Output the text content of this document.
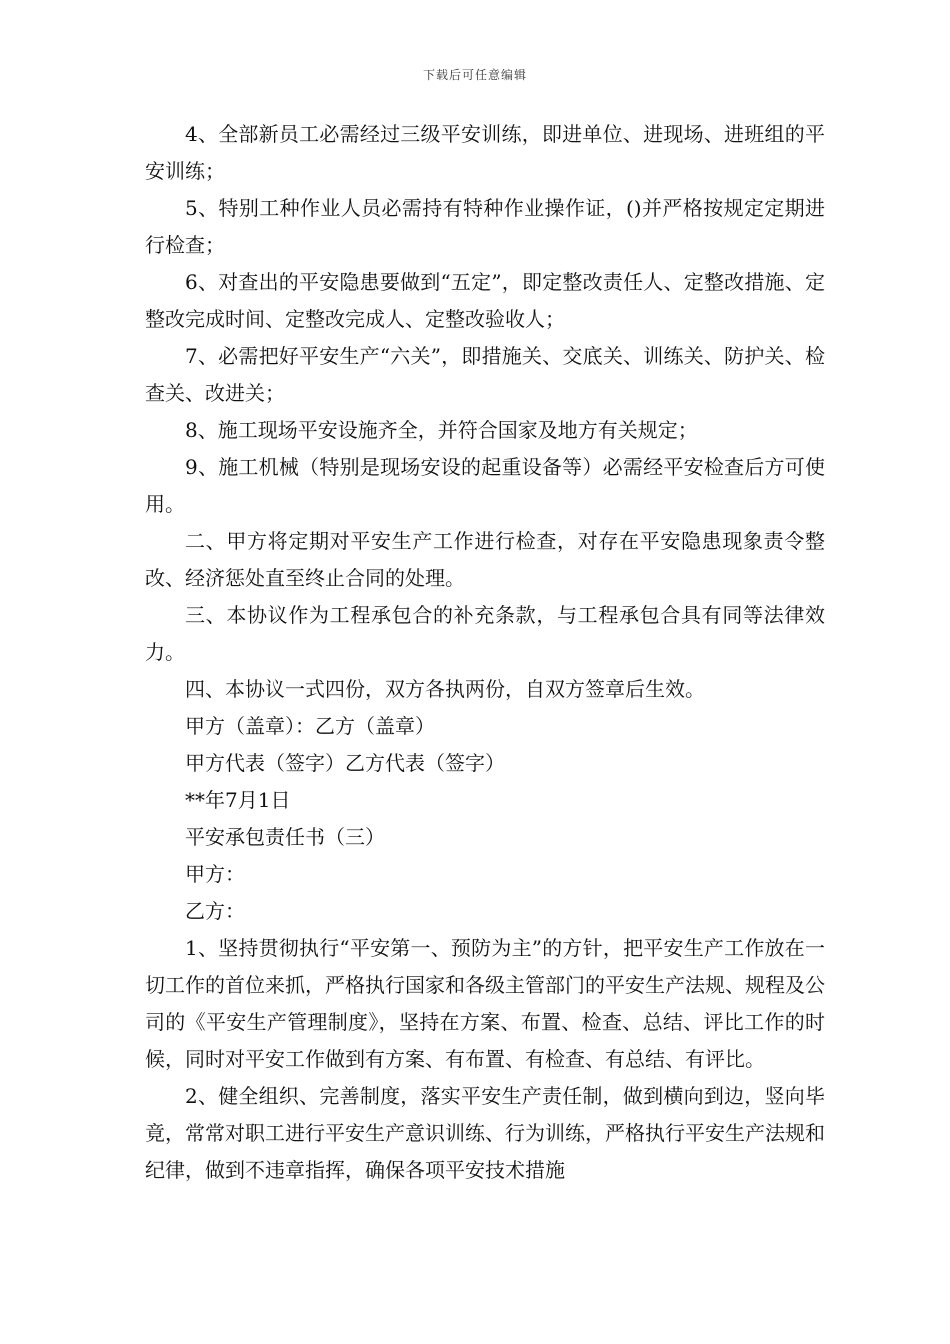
下载后可任意编辑

4、全部新员工必需经过三级平安训练，即进单位、进现场、进班组的平安训练；

5、特别工种作业人员必需持有特种作业操作证，()并严格按规定定期进行检查；

6、对查出的平安隐患要做到“五定”，即定整改责任人、定整改措施、定整改完成时间、定整改完成人、定整改验收人；

7、必需把好平安生产“六关”，即措施关、交底关、训练关、防护关、检查关、改进关；

8、施工现场平安设施齐全，并符合国家及地方有关规定；

9、施工机械（特别是现场安设的起重设备等）必需经平安检查后方可使用。

二、甲方将定期对平安生产工作进行检查，对存在平安隐患现象责令整改、经济惩处直至终止合同的处理。

三、本协议作为工程承包合的补充条款，与工程承包合具有同等法律效力。

四、本协议一式四份，双方各执两份，自双方签章后生效。

甲方（盖章）：乙方（盖章）

甲方代表（签字）乙方代表（签字）

**年7月1日

平安承包责任书（三）

甲方：

乙方：

1、坚持贯彻执行“平安第一、预防为主”的方针，把平安生产工作放在一切工作的首位来抓，严格执行国家和各级主管部门的平安生产法规、规程及公司的《平安生产管理制度》，坚持在方案、布置、检查、总结、评比工作的时候，同时对平安工作做到有方案、有布置、有检查、有总结、有评比。

2、健全组织、完善制度，落实平安生产责任制，做到横向到边，竖向毕竟，常常对职工进行平安生产意识训练、行为训练，严格执行平安生产法规和纪律，做到不违章指挥，确保各项平安技术措施
